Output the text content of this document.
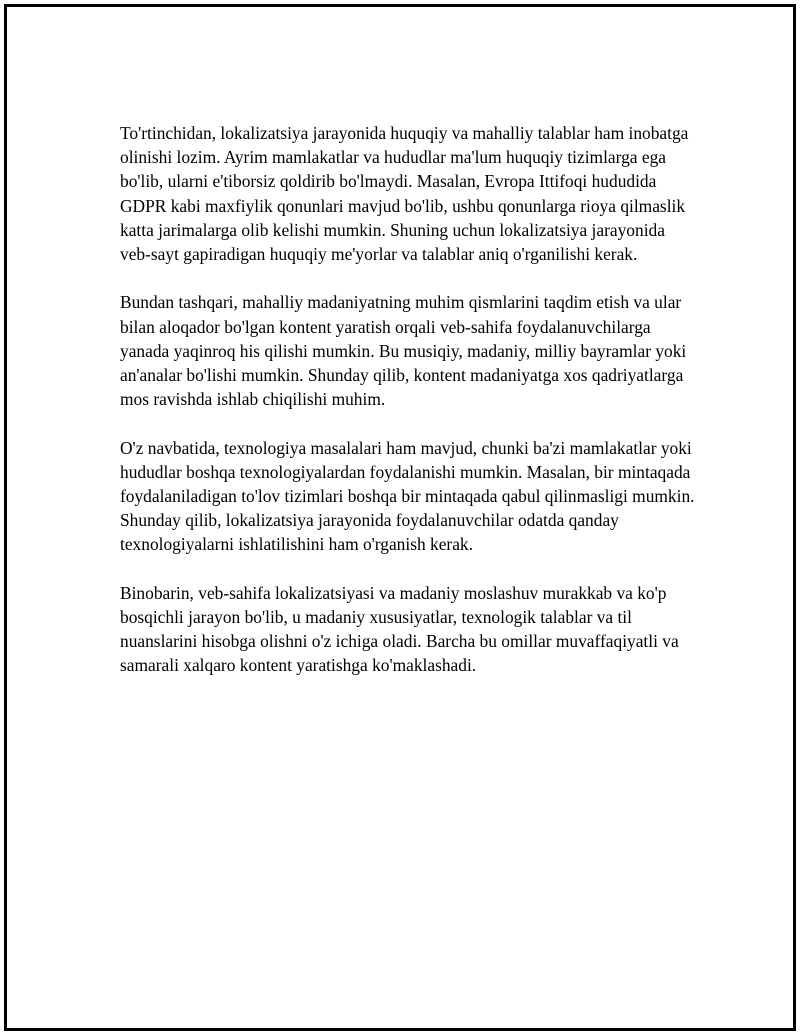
To'rtinchidan, lokalizatsiya jarayonida huquqiy va mahalliy talablar ham inobatga olinishi lozim. Ayrim mamlakatlar va hududlar ma'lum huquqiy tizimlarga ega bo'lib, ularni e'tiborsiz qoldirib bo'lmaydi. Masalan, Evropa Ittifoqi hududida GDPR kabi maxfiylik qonunlari mavjud bo'lib, ushbu qonunlarga rioya qilmaslik katta jarimalarga olib kelishi mumkin. Shuning uchun lokalizatsiya jarayonida veb-sayt gapiradigan huquqiy me'yorlar va talablar aniq o'rganilishi kerak.

Bundan tashqari, mahalliy madaniyatning muhim qismlarini taqdim etish va ular bilan aloqador bo'lgan kontent yaratish orqali veb-sahifa foydalanuvchilarga yanada yaqinroq his qilishi mumkin. Bu musiqiy, madaniy, milliy bayramlar yoki an'analar bo'lishi mumkin. Shunday qilib, kontent madaniyatga xos qadriyatlarga mos ravishda ishlab chiqilishi muhim.

O'z navbatida, texnologiya masalalari ham mavjud, chunki ba'zi mamlakatlar yoki hududlar boshqa texnologiyalardan foydalanishi mumkin. Masalan, bir mintaqada foydalaniladigan to'lov tizimlari boshqa bir mintaqada qabul qilinmasligi mumkin. Shunday qilib, lokalizatsiya jarayonida foydalanuvchilar odatda qanday texnologiyalarni ishlatilishini ham o'rganish kerak.

Binobarin, veb-sahifa lokalizatsiyasi va madaniy moslashuv murakkab va ko'p bosqichli jarayon bo'lib, u madaniy xususiyatlar, texnologik talablar va til nuanslarini hisobga olishni o'z ichiga oladi. Barcha bu omillar muvaffaqiyatli va samarali xalqaro kontent yaratishga ko'maklashadi.
